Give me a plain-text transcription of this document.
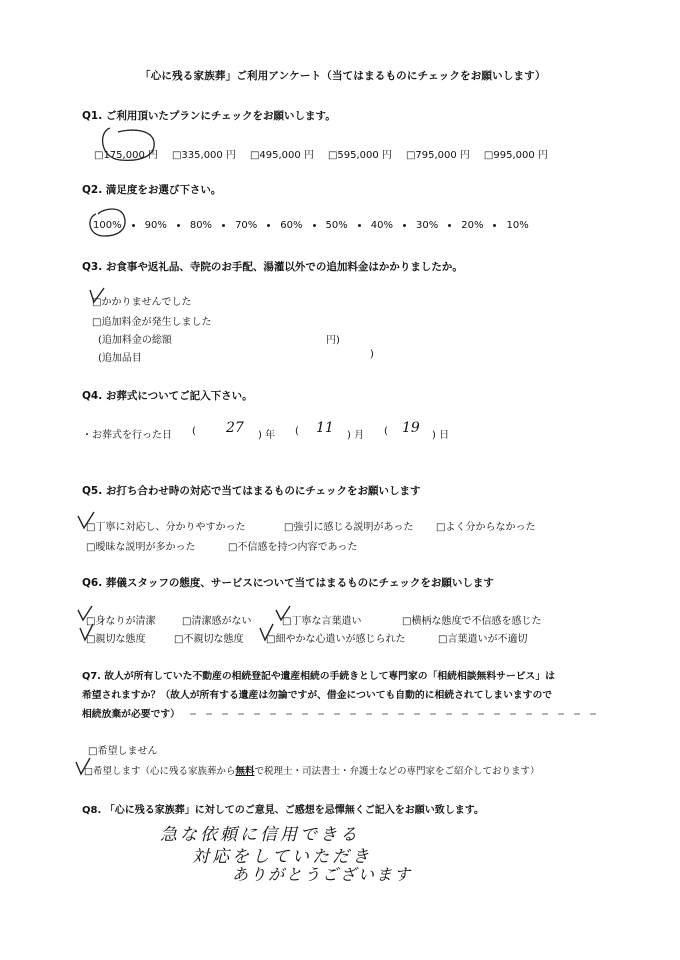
「心に残る家族葬」ご利用アンケート（当てはまるものにチェックをお願いします）
Q1. ご利用頂いたプランにチェックをお願いします。
□175,000 円 □335,000 円 □495,000 円 □595,000 円 □795,000 円 □995,000 円
Q2. 満足度をお選び下さい。
100% 90% 80% 70% 60% 50% 40% 30% 20% 10%
Q3. お食事や返礼品、寺院のお手配、湯灌以外での追加料金はかかりましたか。
□かかりませんでした
□追加料金が発生しました
(追加料金の総額	円)
(追加品目	)
Q4. お葬式についてご記入下さい。
・お葬式を行った日 ( 27 ) 年 ( 11 ) 月 ( 19 ) 日
Q5. お打ち合わせ時の対応で当てはまるものにチェックをお願いします
□丁寧に対応し、分かりやすかった	□強引に感じる説明があった □よく分からなかった
□曖昧な説明が多かった	□不信感を持つ内容であった
Q6. 葬儀スタッフの態度、サービスについて当てはまるものにチェックをお願いします
□身なりが清潔	□清潔感がない	□丁寧な言葉遣い	□横柄な態度で不信感を感じた
□親切な態度	□不親切な態度 □細やかな心遣いが感じられた	□言葉遣いが不適切
Q7. 故人が所有していた不動産の相続登記や遺産相続の手続きとして専門家の「相続相談無料サービス」は
希望されますか？（故人が所有する遺産は勿論ですが、借金についても自動的に相続されてしまいますので
相続放棄が必要です）
□希望しません
□希望します（心に残る家族葬から無料で税理士・司法書士・弁護士などの専門家をご紹介しております）
Q8. 「心に残る家族葬」に対してのご意見、ご感想を忌憚無くご記入をお願い致します。
急な依頼に信用できる
対応をしていただき
ありがとうございます
